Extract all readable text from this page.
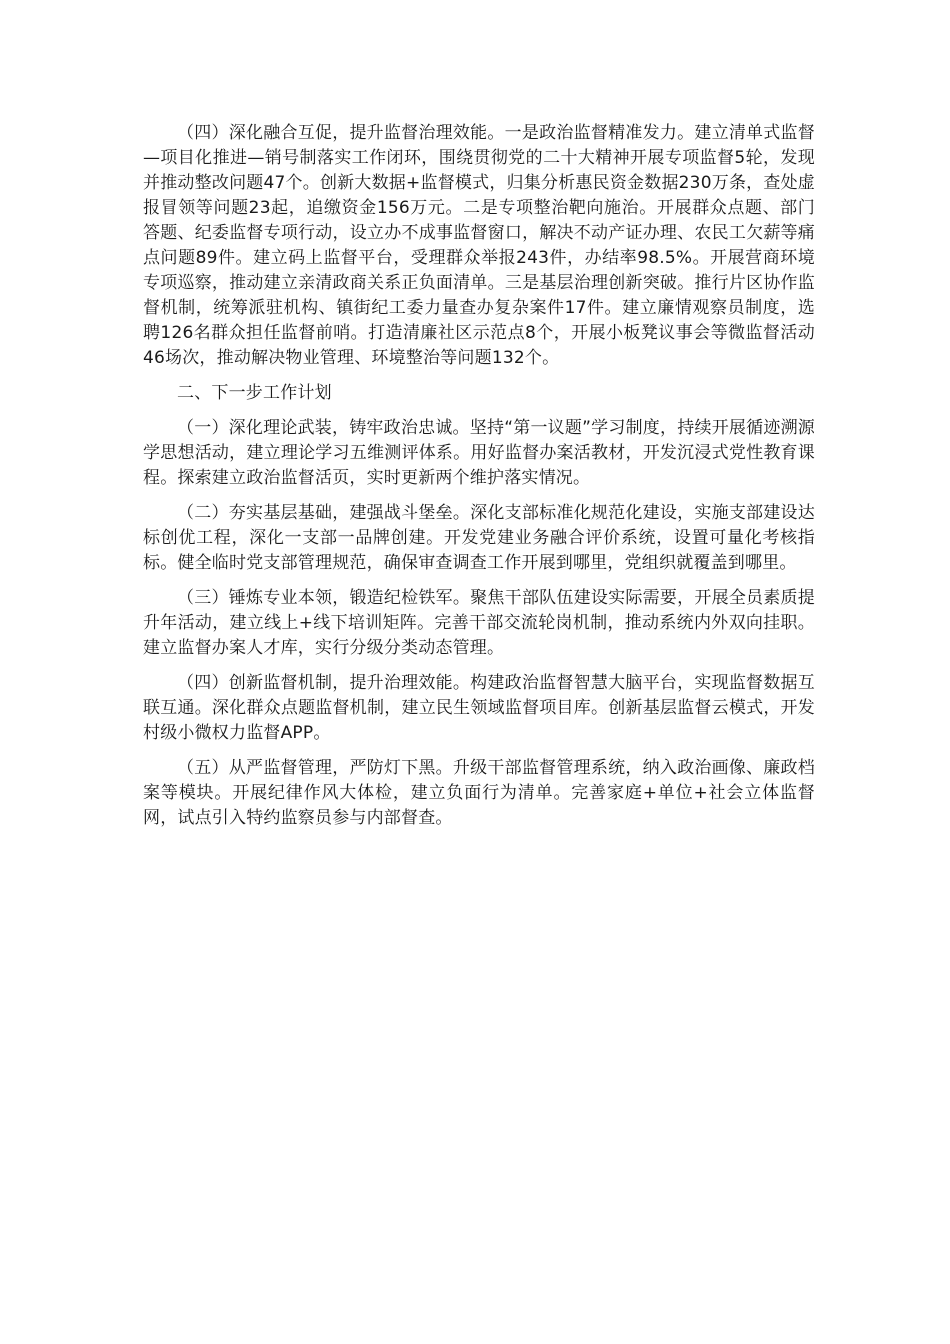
（四）深化融合互促，提升监督治理效能。一是政治监督精准发力。建立清单式监督—项目化推进—销号制落实工作闭环，围绕贯彻党的二十大精神开展专项监督5轮，发现并推动整改问题47个。创新大数据+监督模式，归集分析惠民资金数据230万条，查处虚报冒领等问题23起，追缴资金156万元。二是专项整治靶向施治。开展群众点题、部门答题、纪委监督专项行动，设立办不成事监督窗口，解决不动产证办理、农民工欠薪等痛点问题89件。建立码上监督平台，受理群众举报243件，办结率98.5%。开展营商环境专项巡察，推动建立亲清政商关系正负面清单。三是基层治理创新突破。推行片区协作监督机制，统筹派驻机构、镇街纪工委力量查办复杂案件17件。建立廉情观察员制度，选聘126名群众担任监督前哨。打造清廉社区示范点8个，开展小板凳议事会等微监督活动46场次，推动解决物业管理、环境整治等问题132个。

二、下一步工作计划

（一）深化理论武装，铸牢政治忠诚。坚持“第一议题”学习制度，持续开展循迹溯源学思想活动，建立理论学习五维测评体系。用好监督办案活教材，开发沉浸式党性教育课程。探索建立政治监督活页，实时更新两个维护落实情况。

（二）夯实基层基础，建强战斗堡垒。深化支部标准化规范化建设，实施支部建设达标创优工程，深化一支部一品牌创建。开发党建业务融合评价系统，设置可量化考核指标。健全临时党支部管理规范，确保审查调查工作开展到哪里，党组织就覆盖到哪里。

（三）锤炼专业本领，锻造纪检铁军。聚焦干部队伍建设实际需要，开展全员素质提升年活动，建立线上+线下培训矩阵。完善干部交流轮岗机制，推动系统内外双向挂职。建立监督办案人才库，实行分级分类动态管理。

（四）创新监督机制，提升治理效能。构建政治监督智慧大脑平台，实现监督数据互联互通。深化群众点题监督机制，建立民生领域监督项目库。创新基层监督云模式，开发村级小微权力监督APP。

（五）从严监督管理，严防灯下黑。升级干部监督管理系统，纳入政治画像、廉政档案等模块。开展纪律作风大体检，建立负面行为清单。完善家庭+单位+社会立体监督网，试点引入特约监察员参与内部督查。
